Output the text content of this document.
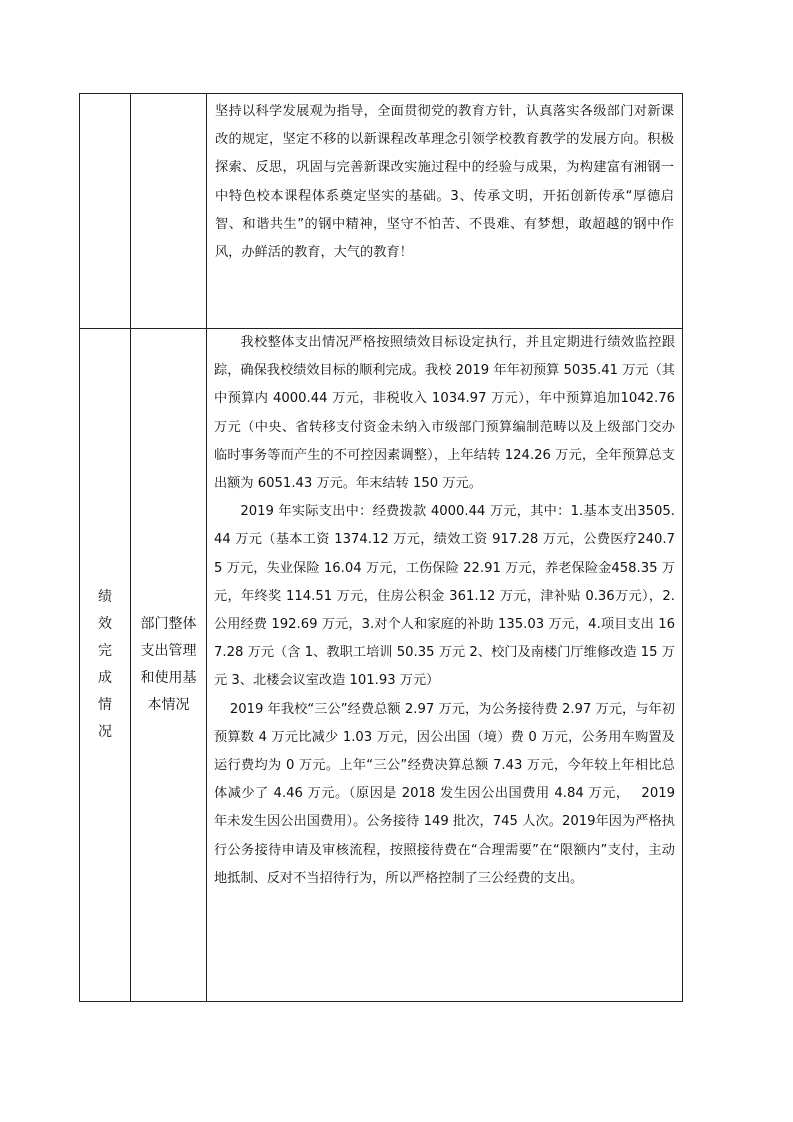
		坚持以科学发展观为指导，全面贯彻党的教育方针，认真落实各级部门对新课改的规定，坚定不移的以新课程改革理念引领学校教育教学的发展方向。积极探索、反思，巩固与完善新课改实施过程中的经验与成果，为构建富有湘钢一中特色校本课程体系奠定坚实的基础。3、传承文明，开拓创新传承“厚德启智、和谐共生”的钢中精神，坚守不怕苦、不畏难、有梦想，敢超越的钢中作风，办鲜活的教育，大气的教育！

绩效完成情况	部门整体支出管理和使用基本情况	我校整体支出情况严格按照绩效目标设定执行，并且定期进行绩效监控跟踪，确保我校绩效目标的顺利完成。我校 2019 年年初预算 5035.41 万元（其中预算内 4000.44 万元，非税收入 1034.97 万元），年中预算追加1042.76 万元（中央、省转移支付资金未纳入市级部门预算编制范畴以及上级部门交办临时事务等而产生的不可控因素调整），上年结转 124.26 万元，全年预算总支出额为 6051.43 万元。年末结转 150 万元。

2019 年实际支出中：经费拨款 4000.44 万元，其中：1.基本支出3505.44 万元（基本工资 1374.12 万元，绩效工资 917.28 万元，公费医疗240.75 万元，失业保险 16.04 万元，工伤保险 22.91 万元，养老保险金458.35 万元，年终奖 114.51 万元，住房公积金 361.12 万元，津补贴 0.36万元），2.公用经费 192.69 万元，3.对个人和家庭的补助 135.03 万元，4.项目支出 167.28 万元（含 1、教职工培训 50.35 万元 2、校门及南楼门厅维修改造 15 万元 3、北楼会议室改造 101.93 万元）

2019 年我校“三公”经费总额 2.97 万元，为公务接待费 2.97 万元，与年初预算数 4 万元比减少 1.03 万元，因公出国（境）费 0 万元，公务用车购置及运行费均为 0 万元。上年“三公”经费决算总额 7.43 万元，今年较上年相比总体减少了 4.46 万元。（原因是 2018 发生因公出国费用 4.84 万元，　 2019 年未发生因公出国费用）。公务接待 149 批次，745 人次。2019年因为严格执行公务接待申请及审核流程，按照接待费在“合理需要”在“限额内”支付，主动地抵制、反对不当招待行为，所以严格控制了三公经费的支出。
